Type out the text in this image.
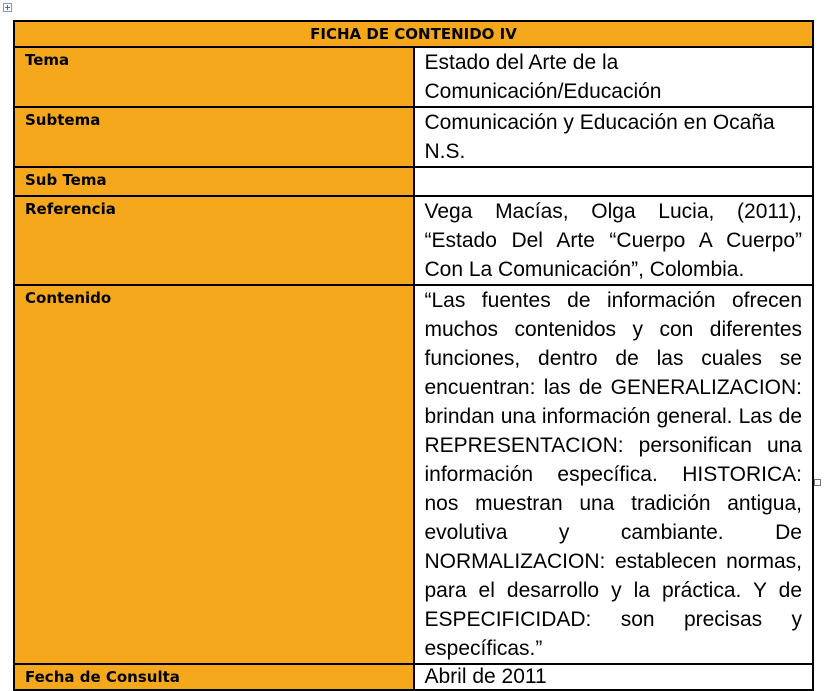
FICHA DE CONTENIDO IV	
Tema	Estado del Arte de la Comunicación/Educación
Subtema	Comunicación y Educación en Ocaña N.S.
Sub Tema	
Referencia	Vega Macías, Olga Lucia, (2011), “Estado Del Arte “Cuerpo A Cuerpo” Con La Comunicación”, Colombia.
Contenido	“Las fuentes de información ofrecen muchos contenidos y con diferentes funciones, dentro de las cuales se encuentran: las de GENERALIZACION: brindan una información general. Las de REPRESENTACION: personifican una información específica. HISTORICA: nos muestran una tradición antigua, evolutiva y cambiante. De NORMALIZACION: establecen normas, para el desarrollo y la práctica. Y de ESPECIFICIDAD: son precisas y específicas.”
Fecha de Consulta	Abril de 2011
